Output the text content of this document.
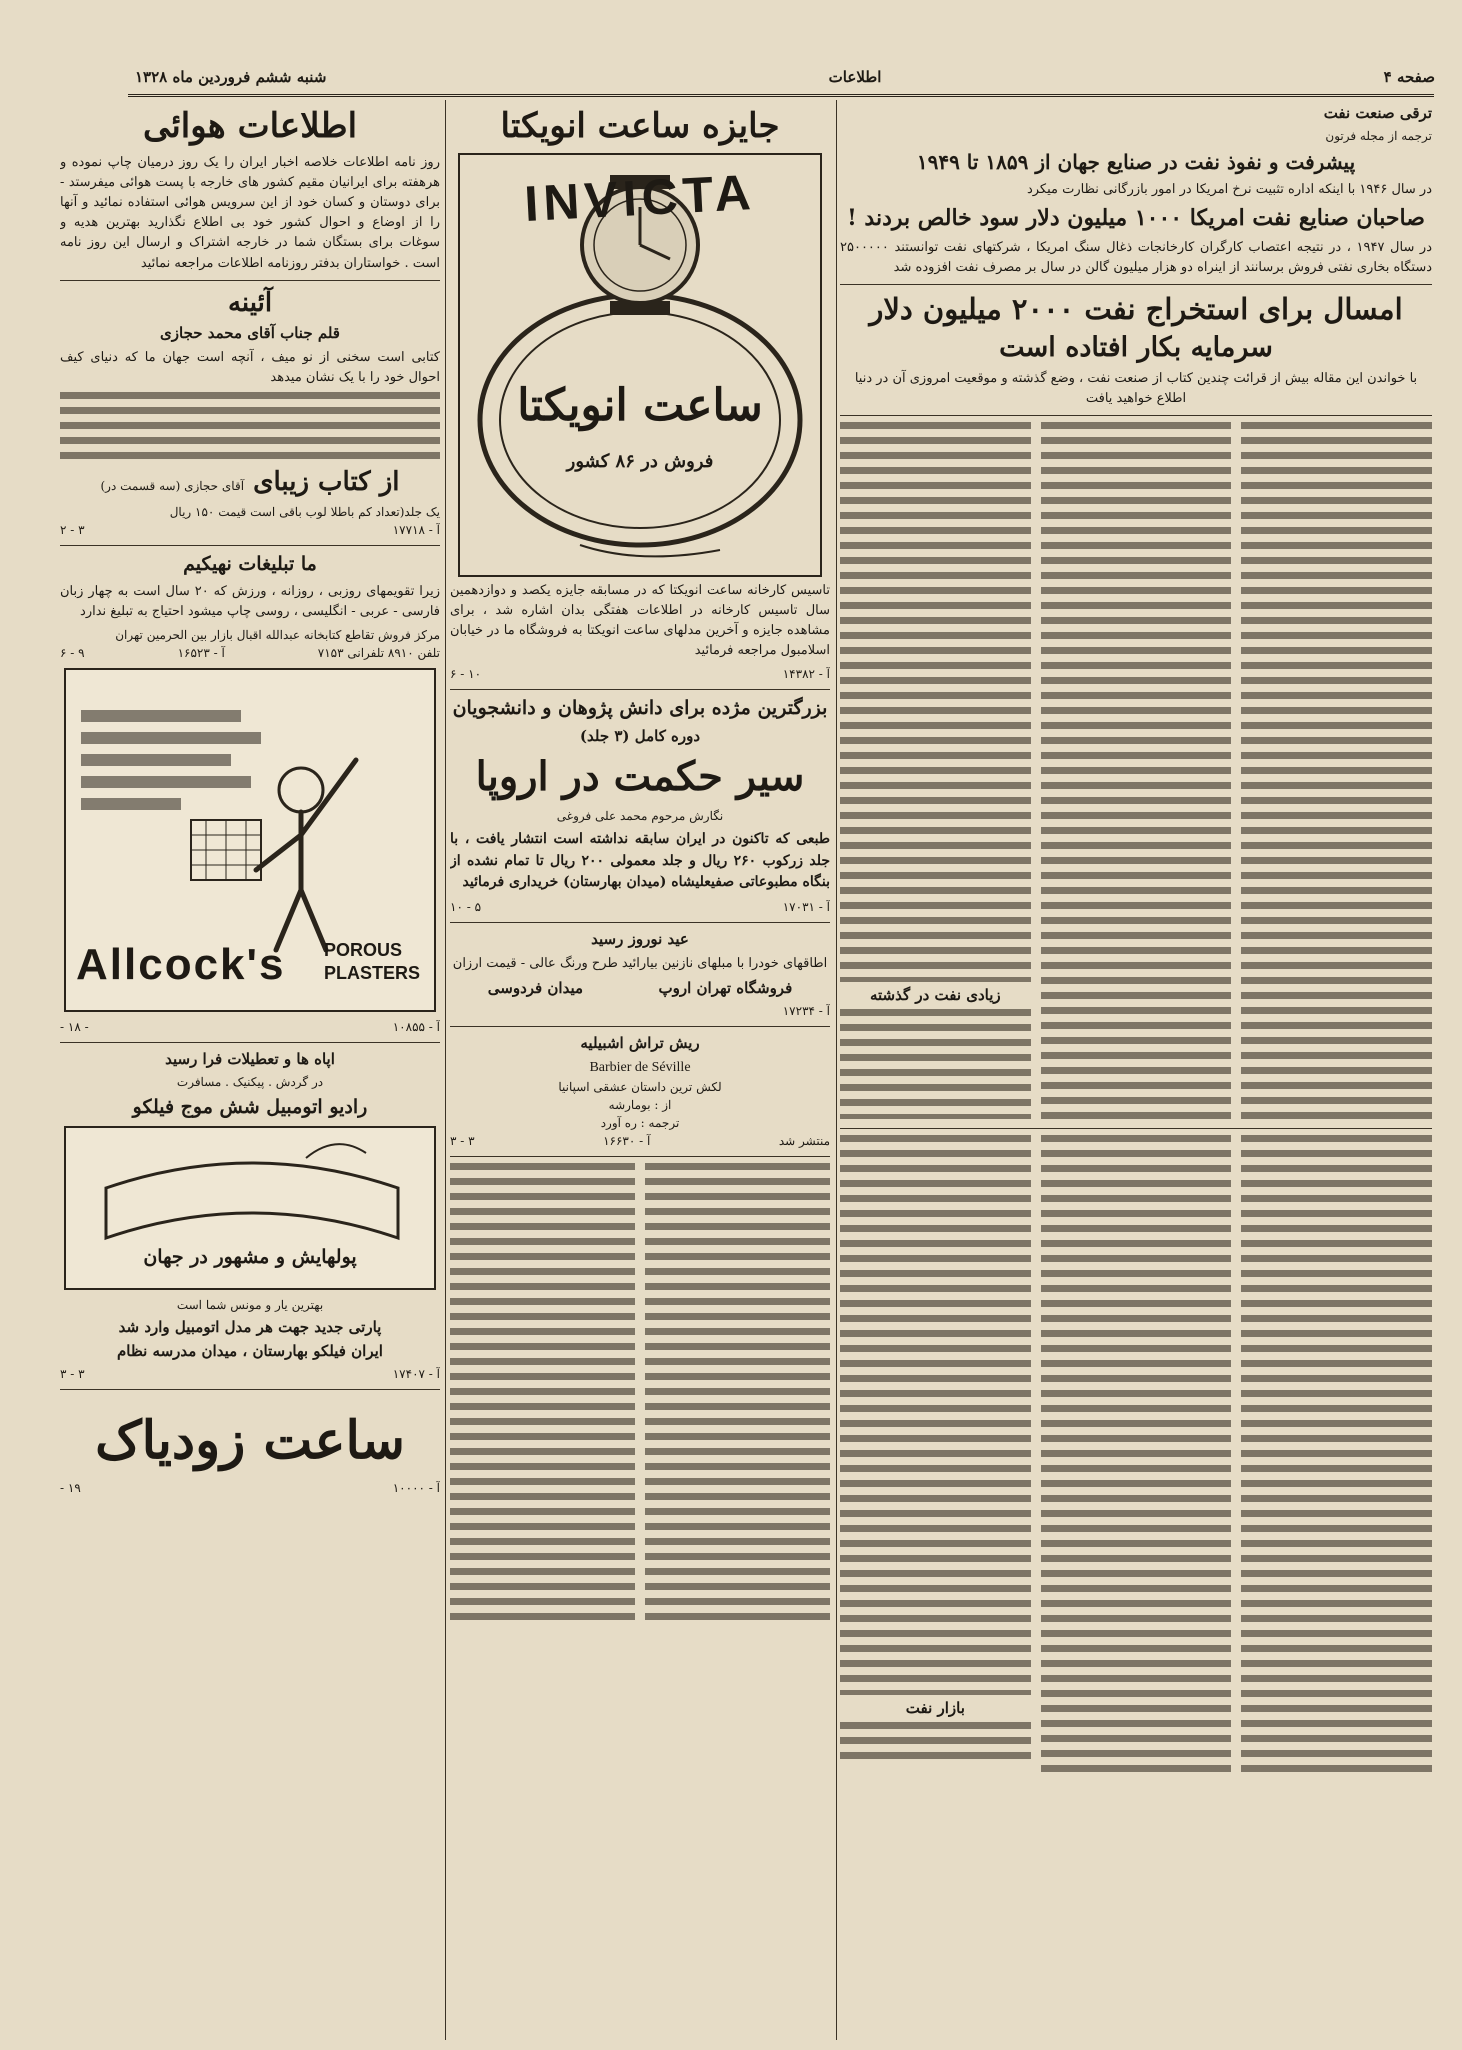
صفحه ۴
اطلاعات
شنبه ششم فروردین ماه ۱۳۲۸
ترقی صنعت نفت
ترجمه از مجله فرتون
پیشرفت و نفوذ نفت در صنایع جهان از ۱۸۵۹ تا ۱۹۴۹
در سال ۱۹۴۶ با اینکه اداره تثبیت نرخ امریکا در امور بازرگانی نظارت میکرد
صاحبان صنایع نفت امریکا ۱۰۰۰ میلیون دلار سود خالص بردند !
در سال ۱۹۴۷ ، در نتیجه اعتصاب کارگران کارخانجات ذغال سنگ امریکا ، شرکتهای نفت توانستند ۲۵۰۰۰۰۰ دستگاه بخاری نفتی فروش برسانند از اینراه دو هزار میلیون گالن در سال بر مصرف نفت افزوده شد
امسال برای استخراج نفت ۲۰۰۰ میلیون دلار
سرمایه بکار افتاده است
با خواندن این مقاله بیش از قرائت چندین کتاب از صنعت نفت ، وضع گذشته و موقعیت امروزی آن در دنیا اطلاع خواهید یافت
زیادی نفت در گذشته
بازار نفت
جایزه ساعت انویکتا
INVICTA
ساعت انویکتا
فروش در ۸۶ کشور
تاسیس کارخانه ساعت انویکتا که در مسابقه جایزه یکصد و دوازدهمین سال تاسیس کارخانه در اطلاعات هفتگی بدان اشاره شد ، برای مشاهده جایزه و آخرین مدلهای ساعت انویکتا به فروشگاه ما در خیابان اسلامبول مراجعه فرمائید
آ - ۱۴۳۸۲
۱۰ - ۶
بزرگترین مژده برای دانش پژوهان و دانشجویان
دوره کامل (۳ جلد)
سیر حکمت در اروپا
نگارش مرحوم محمد علی فروغی
طبعی که تاکنون در ایران سابقه نداشته است انتشار یافت ، با جلد زرکوب ۲۶۰ ریال و جلد معمولی ۲۰۰ ریال تا تمام نشده از بنگاه مطبوعاتی صفیعلیشاه (میدان بهارستان) خریداری فرمائید
آ - ۱۷۰۳۱
۵ - ۱۰
عید نوروز رسید
اطاقهای خودرا با مبلهای نازنین بیارائید طرح ورنگ عالی - قیمت ارزان
فروشگاه تهران اروپ
میدان فردوسی
آ - ۱۷۲۳۴
ریش تراش اشبیلیه
Barbier de Séville
لکش ترین داستان عشقی اسپانیا
از : بومارشه
ترجمه : ره آورد
منتشر شد
آ - ۱۶۶۳۰
۳ - ۳
اطلاعات هوائی
روز نامه اطلاعات خلاصه اخبار ایران را یک روز درمیان چاپ نموده و هرهفته برای ایرانیان مقیم کشور های خارجه با پست هوائی میفرستد - برای دوستان و کسان خود از این سرویس هوائی استفاده نمائید و آنها را از اوضاع و احوال کشور خود بی اطلاع نگذارید بهترین هدیه و سوغات برای بستگان شما در خارجه اشتراک و ارسال این روز نامه است . خواستاران بدفتر روزنامه اطلاعات مراجعه نمائید
آئینه
قلم جناب آقای محمد حجازی
کتابی است سخنی از نو میف ، آنچه است جهان ما که دنیای کیف احوال خود را با یک نشان میدهد
از کتاب زیبای آقای حجازی (سه قسمت در)
یک جلد(تعداد کم باطلا لوب باقی است قیمت ۱۵۰ ریال
آ - ۱۷۷۱۸
۳ - ۲
ما تبلیغات نهیکیم
زیرا تقویمهای روزبی ، روزانه ، ورزش که ۲۰ سال است به چهار زبان فارسی - عربی - انگلیسی ، روسی چاپ میشود احتیاج به تبلیغ ندارد
مرکز فروش تقاطع کتابخانه عبدالله اقبال بازار بین الحرمین تهران
تلفن ۸۹۱۰ تلفرانی ۷۱۵۳
آ - ۱۶۵۲۳
۹ - ۶
Allcock's POROUS
PLASTERS
آ - ۱۰۸۵۵
- ۱۸ -
اپاه ها و تعطیلات فرا رسید
در گردش . پیکنیک . مسافرت
رادیو اتومبیل شش موج فیلکو
پولهایش و مشهور در جهان
بهترین یار و مونس شما است
پارتی جدید جهت هر مدل اتومبیل وارد شد
ایران فیلکو بهارستان ، میدان مدرسه نظام
آ - ۱۷۴۰۷
۳ - ۳
ساعت زودیاک
آ - ۱۰۰۰۰
۱۹ -
